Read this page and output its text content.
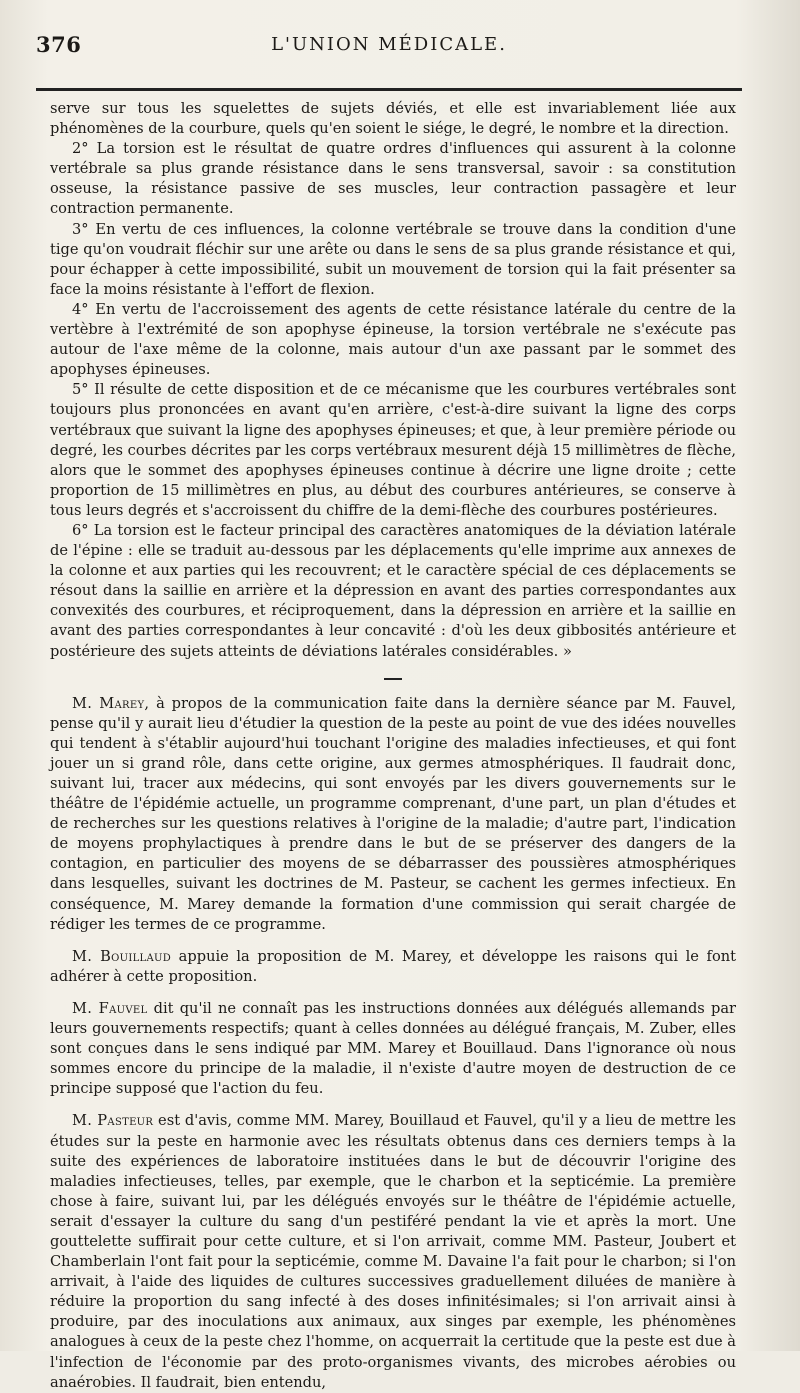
376	L'UNION MÉDICALE.

serve sur tous les squelettes de sujets déviés, et elle est invariablement liée aux phénomènes de la courbure, quels qu'en soient le siége, le degré, le nombre et la direction.

2° La torsion est le résultat de quatre ordres d'influences qui assurent à la colonne vertébrale sa plus grande résistance dans le sens transversal, savoir : sa constitution osseuse, la résistance passive de ses muscles, leur contraction passagère et leur contraction permanente.

3° En vertu de ces influences, la colonne vertébrale se trouve dans la condition d'une tige qu'on voudrait fléchir sur une arête ou dans le sens de sa plus grande résistance et qui, pour échapper à cette impossibilité, subit un mouvement de torsion qui la fait présenter sa face la moins résistante à l'effort de flexion.

4° En vertu de l'accroissement des agents de cette résistance latérale du centre de la vertèbre à l'extrémité de son apophyse épineuse, la torsion vertébrale ne s'exécute pas autour de l'axe même de la colonne, mais autour d'un axe passant par le sommet des apophyses épineuses.

5° Il résulte de cette disposition et de ce mécanisme que les courbures vertébrales sont toujours plus prononcées en avant qu'en arrière, c'est-à-dire suivant la ligne des corps vertébraux que suivant la ligne des apophyses épineuses; et que, à leur première période ou degré, les courbes décrites par les corps vertébraux mesurent déjà 15 millimètres de flèche, alors que le sommet des apophyses épineuses continue à décrire une ligne droite ; cette proportion de 15 millimètres en plus, au début des courbures antérieures, se conserve à tous leurs degrés et s'accroissent du chiffre de la demi-flèche des courbures postérieures.

6° La torsion est le facteur principal des caractères anatomiques de la déviation latérale de l'épine : elle se traduit au-dessous par les déplacements qu'elle imprime aux annexes de la colonne et aux parties qui les recouvrent; et le caractère spécial de ces déplacements se résout dans la saillie en arrière et la dépression en avant des parties correspondantes aux convexités des courbures, et réciproquement, dans la dépression en arrière et la saillie en avant des parties correspondantes à leur concavité : d'où les deux gibbosités antérieure et postérieure des sujets atteints de déviations latérales considérables. »

M. Marey, à propos de la communication faite dans la dernière séance par M. Fauvel, pense qu'il y aurait lieu d'étudier la question de la peste au point de vue des idées nouvelles qui tendent à s'établir aujourd'hui touchant l'origine des maladies infectieuses, et qui font jouer un si grand rôle, dans cette origine, aux germes atmosphériques. Il faudrait donc, suivant lui, tracer aux médecins, qui sont envoyés par les divers gouvernements sur le théâtre de l'épidémie actuelle, un programme comprenant, d'une part, un plan d'études et de recherches sur les questions relatives à l'origine de la maladie; d'autre part, l'indication de moyens prophylactiques à prendre dans le but de se préserver des dangers de la contagion, en particulier des moyens de se débarrasser des poussières atmosphériques dans lesquelles, suivant les doctrines de M. Pasteur, se cachent les germes infectieux. En conséquence, M. Marey demande la formation d'une commission qui serait chargée de rédiger les termes de ce programme.

M. Bouillaud appuie la proposition de M. Marey, et développe les raisons qui le font adhérer à cette proposition.

M. Fauvel dit qu'il ne connaît pas les instructions données aux délégués allemands par leurs gouvernements respectifs; quant à celles données au délégué français, M. Zuber, elles sont conçues dans le sens indiqué par MM. Marey et Bouillaud. Dans l'ignorance où nous sommes encore du principe de la maladie, il n'existe d'autre moyen de destruction de ce principe supposé que l'action du feu.

M. Pasteur est d'avis, comme MM. Marey, Bouillaud et Fauvel, qu'il y a lieu de mettre les études sur la peste en harmonie avec les résultats obtenus dans ces derniers temps à la suite des expériences de laboratoire instituées dans le but de découvrir l'origine des maladies infectieuses, telles, par exemple, que le charbon et la septicémie. La première chose à faire, suivant lui, par les délégués envoyés sur le théâtre de l'épidémie actuelle, serait d'essayer la culture du sang d'un pestiféré pendant la vie et après la mort. Une gouttelette suffirait pour cette culture, et si l'on arrivait, comme MM. Pasteur, Joubert et Chamberlain l'ont fait pour la septicémie, comme M. Davaine l'a fait pour le charbon; si l'on arrivait, à l'aide des liquides de cultures successives graduellement diluées de manière à réduire la proportion du sang infecté à des doses infinitésimales; si l'on arrivait ainsi à produire, par des inoculations aux animaux, aux singes par exemple, les phénomènes analogues à ceux de la peste chez l'homme, on acquerrait la certitude que la peste est due à l'infection de l'économie par des proto-organismes vivants, des microbes aérobies ou anaérobies. Il faudrait, bien entendu,
